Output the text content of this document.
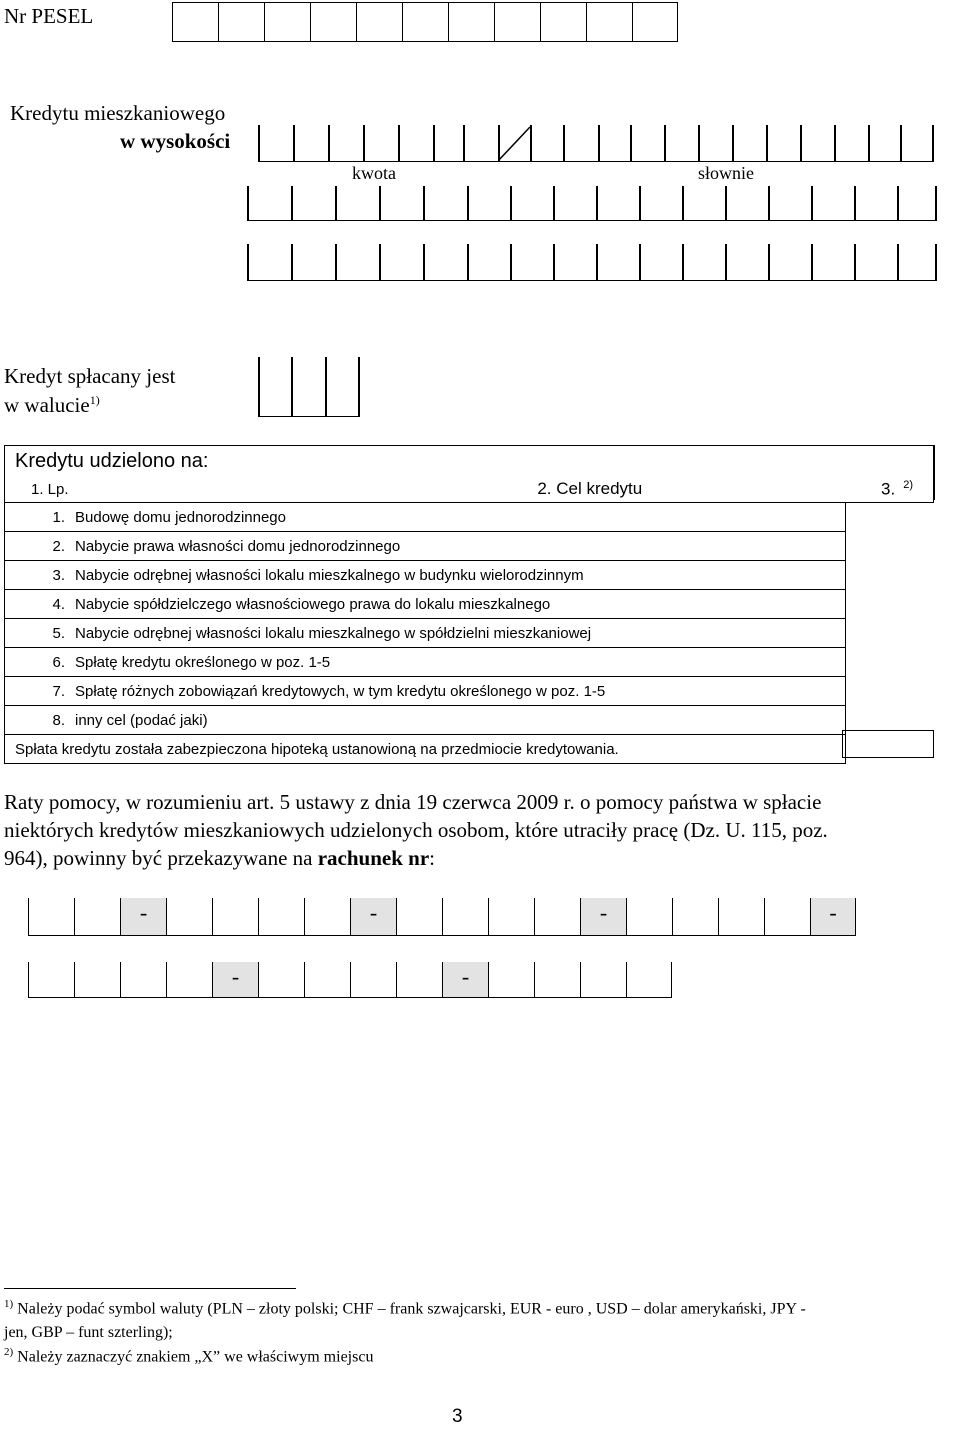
Nr PESEL
Kredytu mieszkaniowego
w wysokości
kwota	słownie
Kredyt spłacany jest
w walucie$^{1)}$
Kredytu udzielono na:	

1. Lp. 2. Cel kredytu 3. $^{2)}$

1. Budowę domu jednorodzinnego	
2. Nabycie prawa własności domu jednorodzinnego	
3. Nabycie odrębnej własności lokalu mieszkalnego w budynku wielorodzinnym	
4. Nabycie spółdzielczego własnościowego prawa do lokalu mieszkalnego	
5. Nabycie odrębnej własności lokalu mieszkalnego w spółdzielni mieszkaniowej	
6. Spłatę kredytu określonego w poz. 1-5	
7. Spłatę różnych zobowiązań kredytowych, w tym kredytu określonego w poz. 1-5	
8. inny cel (podać jaki)	
Spłata kredytu została zabezpieczona hipoteką ustanowioną na przedmiocie kredytowania.	
Raty pomocy, w rozumieniu art. 5 ustawy z dnia 19 czerwca 2009 r. o pomocy państwa w spłacie
niektórych kredytów mieszkaniowych udzielonych osobom, które utraciły pracę (Dz. U. 115, poz.
964), powinny być przekazywane na rachunek nr:
-	-	-	-
-	-
$^{1)}$ Należy podać symbol waluty (PLN – złoty polski; CHF – frank szwajcarski, EUR - euro , USD – dolar amerykański, JPY -
jen, GBP – funt szterling);
$^{2)}$ Należy zaznaczyć znakiem „X” we właściwym miejscu
3
